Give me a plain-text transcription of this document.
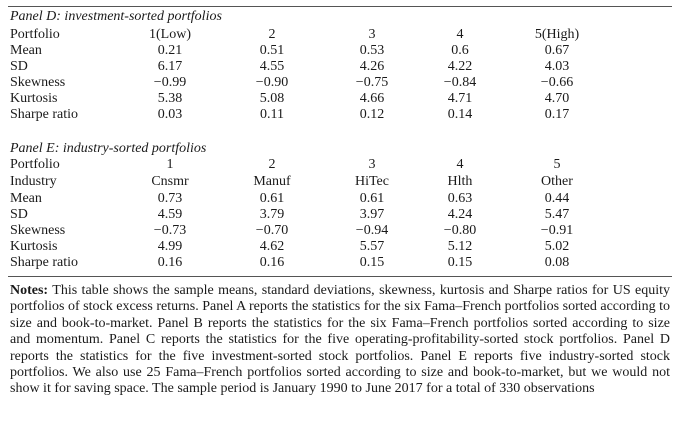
Panel D: investment-sorted portfolios
Portfolio	1(Low)	2	3	4	5(High)
Mean	0.21	0.51	0.53	0.6	0.67
SD	6.17	4.55	4.26	4.22	4.03
Skewness	−0.99	−0.90	−0.75	−0.84	−0.66
Kurtosis	5.38	5.08	4.66	4.71	4.70
Sharpe ratio	0.03	0.11	0.12	0.14	0.17
Panel E: industry-sorted portfolios
Portfolio	1	2	3	4	5
Industry	Cnsmr	Manuf	HiTec	Hlth	Other
Mean	0.73	0.61	0.61	0.63	0.44
SD	4.59	3.79	3.97	4.24	5.47
Skewness	−0.73	−0.70	−0.94	−0.80	−0.91
Kurtosis	4.99	4.62	5.57	5.12	5.02
Sharpe ratio	0.16	0.16	0.15	0.15	0.08
Notes: This table shows the sample means, standard deviations, skewness, kurtosis and Sharpe ratios for US equity portfolios of stock excess returns. Panel A reports the statistics for the six Fama–French portfolios sorted according to size and book-to-market. Panel B reports the statistics for the six Fama–French portfolios sorted according to size and momentum. Panel C reports the statistics for the five operating-profitability-sorted stock portfolios. Panel D reports the statistics for the five investment-sorted stock portfolios. Panel E reports five industry-sorted stock portfolios. We also use 25 Fama–French portfolios sorted according to size and book-to-market, but we would not show it for saving space. The sample period is January 1990 to June 2017 for a total of 330 observations
